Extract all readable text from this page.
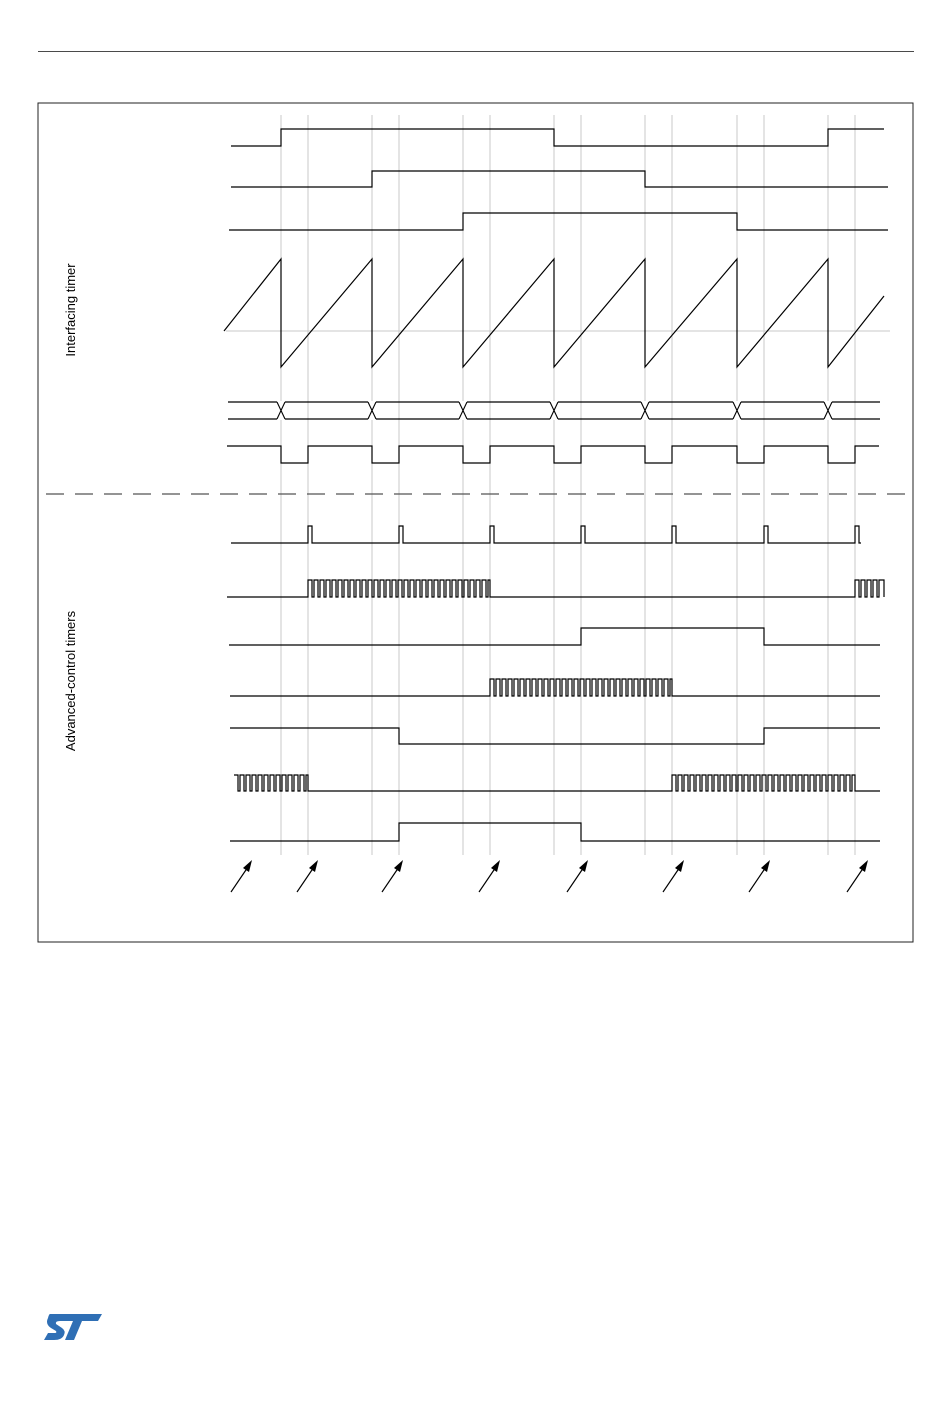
Interfacing timer
Advanced-control timers
